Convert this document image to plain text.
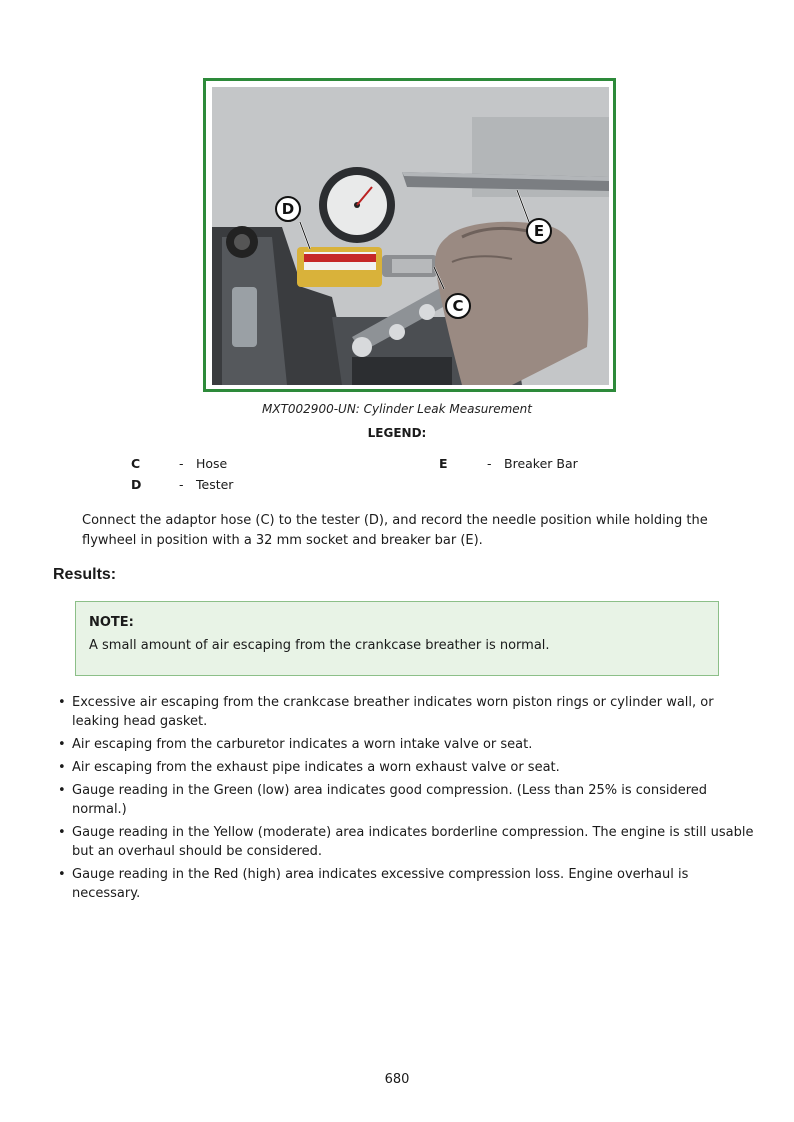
D
E
C
MXT002900-UN: Cylinder Leak Measurement
LEGEND:
C	- Hose
D	- Tester
E	- Breaker Bar
Connect the adaptor hose (C) to the tester (D), and record the needle position while holding the flywheel in position with a 32 mm socket and breaker bar (E).
Results:
NOTE:
A small amount of air escaping from the crankcase breather is normal.
• Excessive air escaping from the crankcase breather indicates worn piston rings or cylinder wall, or leaking head gasket.
• Air escaping from the carburetor indicates a worn intake valve or seat.
• Air escaping from the exhaust pipe indicates a worn exhaust valve or seat.
• Gauge reading in the Green (low) area indicates good compression. (Less than 25% is considered normal.)
• Gauge reading in the Yellow (moderate) area indicates borderline compression. The engine is still usable but an overhaul should be considered.
• Gauge reading in the Red (high) area indicates excessive compression loss. Engine overhaul is necessary.
680
